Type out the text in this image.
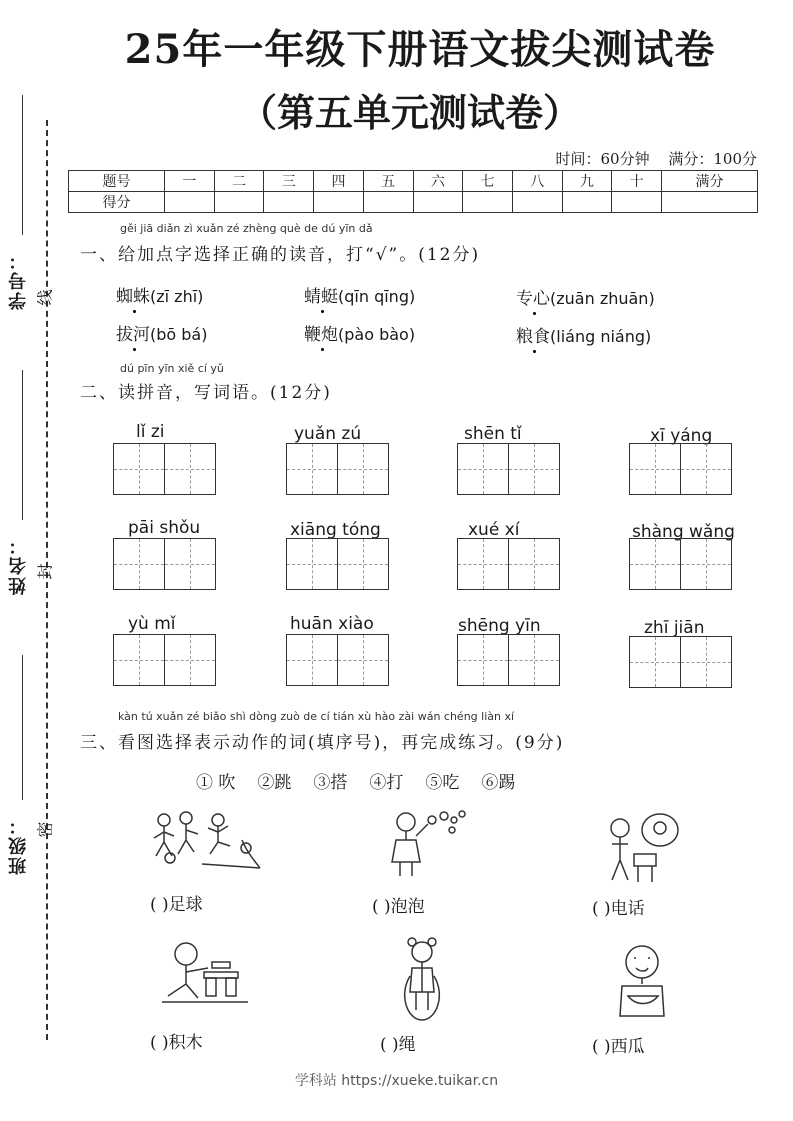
25年一年级下册语文拔尖测试卷
（第五单元测试卷）
时间：60分钟 满分：100分
学号： 线
姓名： 封
班级： 密
题号	一	二	三	四	五	六	七	八	九	十	满分
得分											
gěi jiā diǎn zì xuǎn zé zhèng què de dú yīn dǎ
一、给加点字选择正确的读音，打“√”。(12分)
蜘蛛(zī zhī)	蜻蜓(qīn qīng)	专心(zuān zhuān)
拔河(bō bá)	鞭炮(pào bào)	粮食(liáng niáng)
dú pīn yīn xiě cí yǔ
二、读拼音，写词语。(12分)
lǐ zi	yuǎn zú	shēn tǐ	xī yáng
pāi shǒu	xiāng tóng	xué xí	shàng wǎng
yù mǐ	huān xiào	shēng yīn	zhī jiān
kàn tú xuǎn zé biǎo shì dòng zuò de cí tián xù hào zài wán chéng liàn xí
三、看图选择表示动作的词(填序号)，再完成练习。(9分)
① 吹 ②跳 ③搭 ④打 ⑤吃 ⑥踢
( )足球	( )泡泡	( )电话
( )积木	( )绳	( )西瓜
学科站 https://xueke.tuikar.cn
